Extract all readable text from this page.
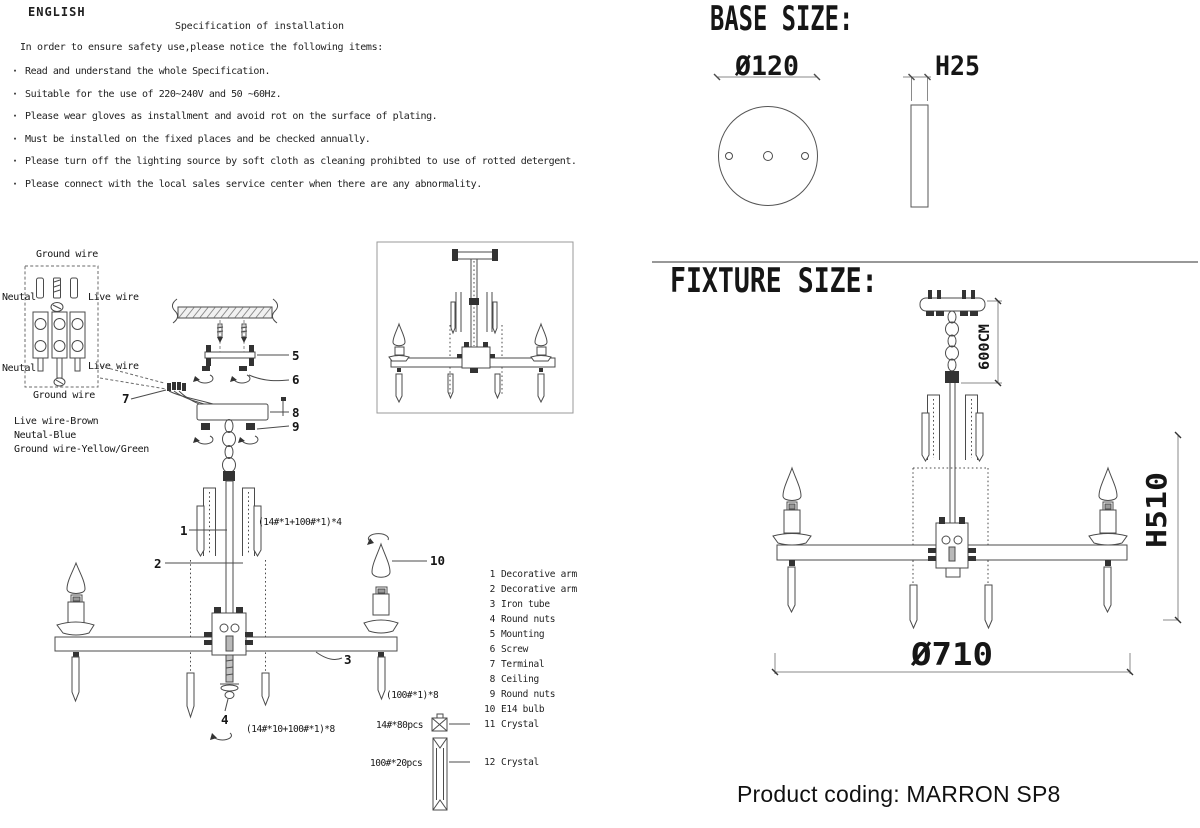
ENGLISH
Specification of installation
In order to ensure safety use,please notice the following items:
· Read and understand the whole Specification.
· Suitable for the use of 220~240V and 50 ~60Hz.
· Please wear gloves as installment and avoid rot on the surface of plating.
· Must be installed on the fixed places and be checked annually.
· Please turn off the lighting source by soft cloth as cleaning prohibted to use of rotted detergent.
· Please connect with the local sales service center when there are any abnormality.
Ground wire
Neutal	Live wire
Neutal	Live wire
Ground wire
Live wire-Brown
Neutal-Blue
Ground wire-Yellow/Green
5
6
7
8
9
1
(14#*1+100#*1)*4
2
3
4
10
(100#*1)*8
(14#*10+100#*1)*8	14#*80pcs
100#*20pcs
1 Decorative arm
2 Decorative arm
3 Iron tube
4 Round nuts
5 Mounting
6 Screw
7 Terminal
8 Ceiling
9 Round nuts
10 E14 bulb
11 Crystal
12 Crystal
BASE SIZE:
Ø120	H25
FIXTURE SIZE:
600CM
H510
Ø710
Product coding: MARRON SP8
